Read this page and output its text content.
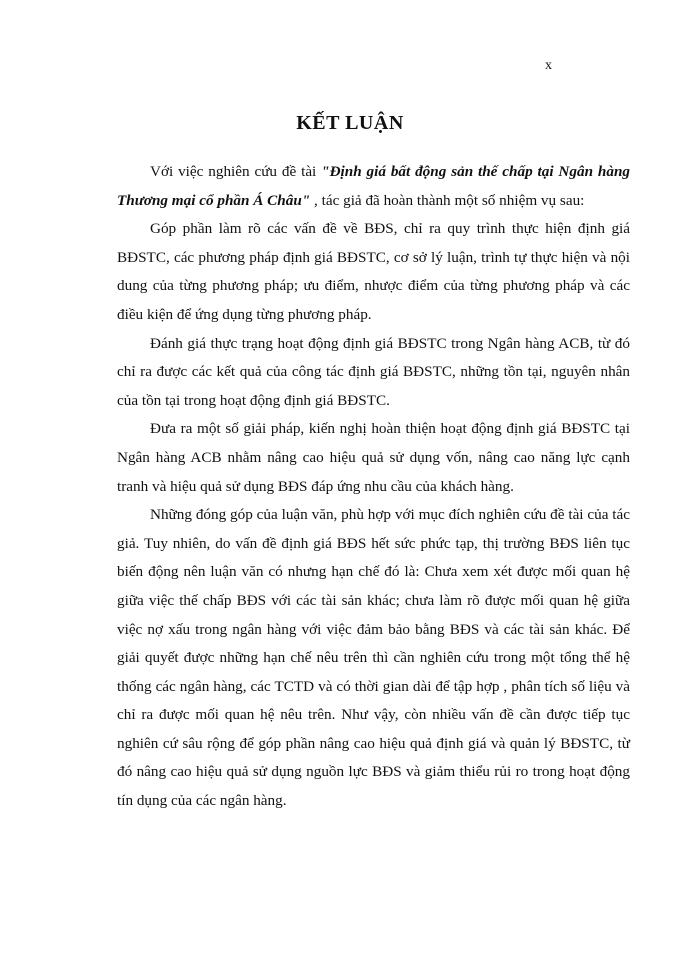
x
KẾT LUẬN

Với việc nghiên cứu đề tài "Định giá bất động sản thế chấp tại Ngân hàng Thương mại cổ phần Á Châu" , tác giả đã hoàn thành một số nhiệm vụ sau:

Góp phần làm rõ các vấn đề về BĐS, chỉ ra quy trình thực hiện định giá BĐSTC, các phương pháp định giá BĐSTC, cơ sở lý luận, trình tự thực hiện và nội dung của từng phương pháp; ưu điểm, nhược điểm của từng phương pháp và các điều kiện để ứng dụng từng phương pháp.

Đánh giá thực trạng hoạt động định giá BĐSTC trong Ngân hàng ACB, từ đó chỉ ra được các kết quả của công tác định giá BĐSTC, những tồn tại, nguyên nhân của tồn tại trong hoạt động định giá BĐSTC.

Đưa ra một số giải pháp, kiến nghị hoàn thiện hoạt động định giá BĐSTC tại Ngân hàng ACB nhằm nâng cao hiệu quả sử dụng vốn, nâng cao năng lực cạnh tranh và hiệu quả sử dụng BĐS đáp ứng nhu cầu của khách hàng.

Những đóng góp của luận văn, phù hợp với mục đích nghiên cứu đề tài của tác giả. Tuy nhiên, do vấn đề định giá BĐS hết sức phức tạp, thị trường BĐS liên tục biến động nên luận văn có nhưng hạn chế đó là: Chưa xem xét được mối quan hệ giữa việc thế chấp BĐS với các tài sản khác; chưa làm rõ được mối quan hệ giữa việc nợ xấu trong ngân hàng với việc đảm bảo bằng BĐS và các tài sản khác. Để giải quyết được những hạn chế nêu trên thì cần nghiên cứu trong một tổng thể hệ thống các ngân hàng, các TCTD và có thời gian dài để tập hợp , phân tích số liệu và chỉ ra được mối quan hệ nêu trên. Như vậy, còn nhiều vấn đề cần được tiếp tục nghiên cứ sâu rộng để góp phần nâng cao hiệu quả định giá và quản lý BĐSTC, từ đó nâng cao hiệu quả sử dụng nguồn lực BĐS và giảm thiểu rủi ro trong hoạt động tín dụng của các ngân hàng.
